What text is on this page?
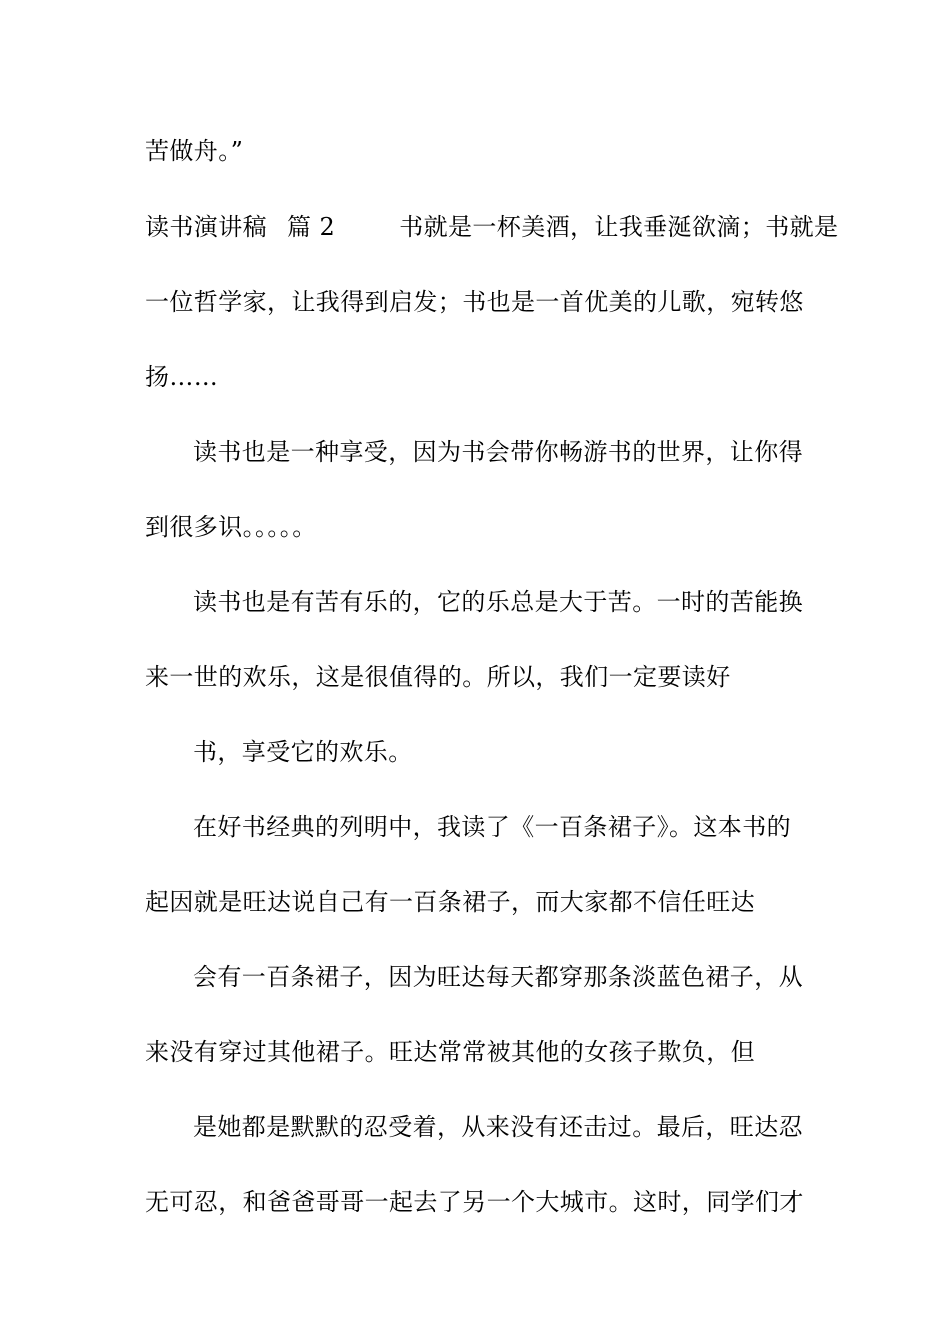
苦做舟。”
读书演讲稿 篇 2	书就是一杯美酒，让我垂涎欲滴；书就是
一位哲学家，让我得到启发；书也是一首优美的儿歌，宛转悠
扬……
读书也是一种享受，因为书会带你畅游书的世界，让你得
到很多识。。。。。
读书也是有苦有乐的，它的乐总是大于苦。一时的苦能换
来一世的欢乐，这是很值得的。所以，我们一定要读好
书，享受它的欢乐。
在好书经典的列明中，我读了《一百条裙子》。这本书的
起因就是旺达说自己有一百条裙子，而大家都不信任旺达
会有一百条裙子，因为旺达每天都穿那条淡蓝色裙子，从
来没有穿过其他裙子。旺达常常被其他的女孩子欺负，但
是她都是默默的忍受着，从来没有还击过。最后，旺达忍
无可忍，和爸爸哥哥一起去了另一个大城市。这时，同学们才
